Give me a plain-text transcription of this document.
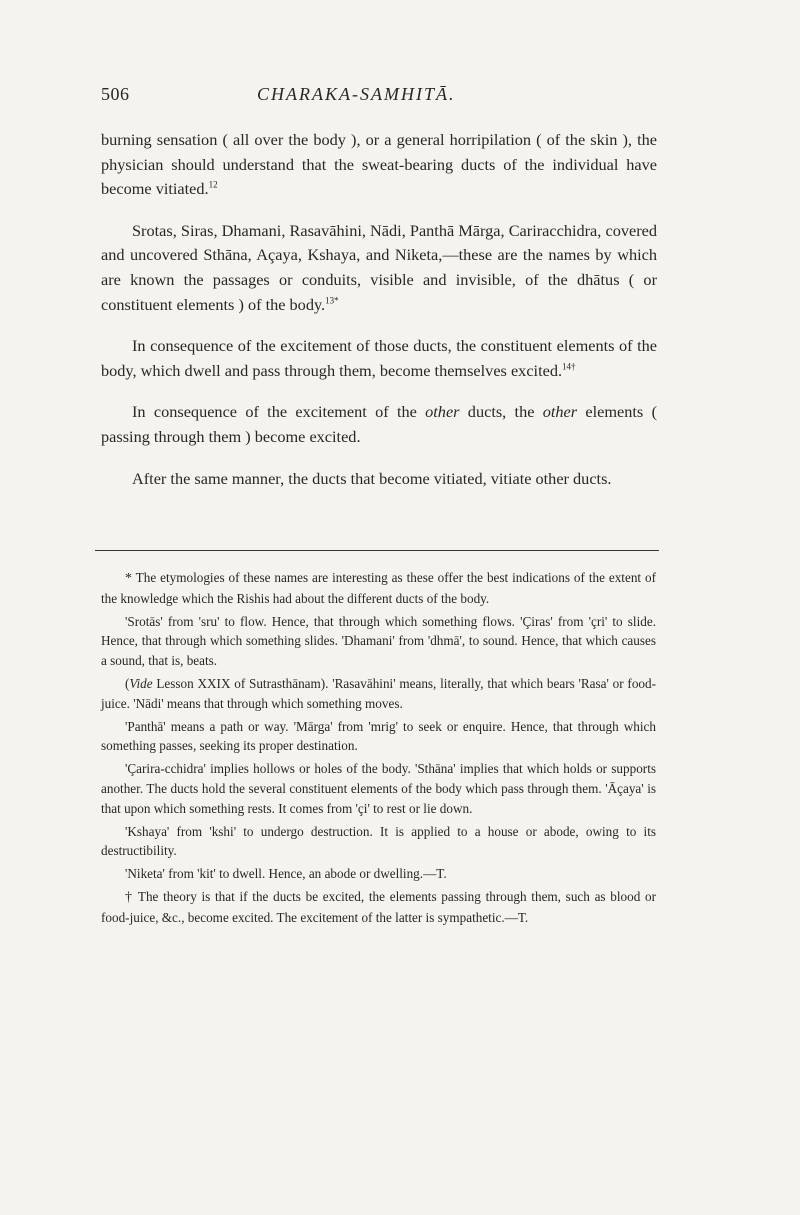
506	CHARAKA-SAMHITĀ.

burning sensation ( all over the body ), or a general horripilation ( of the skin ), the physician should understand that the sweat-bearing ducts of the individual have become vitiated.$^{12}$

Srotas, Siras, Dhamani, Rasavāhini, Nādi, Panthā Mārga, Cariracchidra, covered and uncovered Sthāna, Açaya, Kshaya, and Niketa,—these are the names by which are known the passages or conduits, visible and invisible, of the dhātus ( or constituent elements ) of the body.$^{13*}$

In consequence of the excitement of those ducts, the constituent elements of the body, which dwell and pass through them, become themselves excited.$^{14\dagger}$

In consequence of the excitement of the other ducts, the other elements ( passing through them ) become excited.

After the same manner, the ducts that become vitiated, vitiate other ducts.

* The etymologies of these names are interesting as these offer the best indications of the extent of the knowledge which the Rishis had about the different ducts of the body.

'Srotās' from 'sru' to flow. Hence, that through which something flows. 'Çiras' from 'çri' to slide. Hence, that through which something slides. 'Dhamani' from 'dhmā', to sound. Hence, that which causes a sound, that is, beats.

(Vide Lesson XXIX of Sutrasthānam). 'Rasavāhini' means, literally, that which bears 'Rasa' or food-juice. 'Nādi' means that through which something moves.

'Panthā' means a path or way. 'Mārga' from 'mrig' to seek or enquire. Hence, that through which something passes, seeking its proper destination.

'Çarira-cchidra' implies hollows or holes of the body. 'Sthāna' implies that which holds or supports another. The ducts hold the several constituent elements of the body which pass through them. 'Āçaya' is that upon which something rests. It comes from 'çi' to rest or lie down.

'Kshaya' from 'kshi' to undergo destruction. It is applied to a house or abode, owing to its destructibility.

'Niketa' from 'kit' to dwell. Hence, an abode or dwelling.—T.

† The theory is that if the ducts be excited, the elements passing through them, such as blood or food-juice, &c., become excited. The excitement of the latter is sympathetic.—T.
